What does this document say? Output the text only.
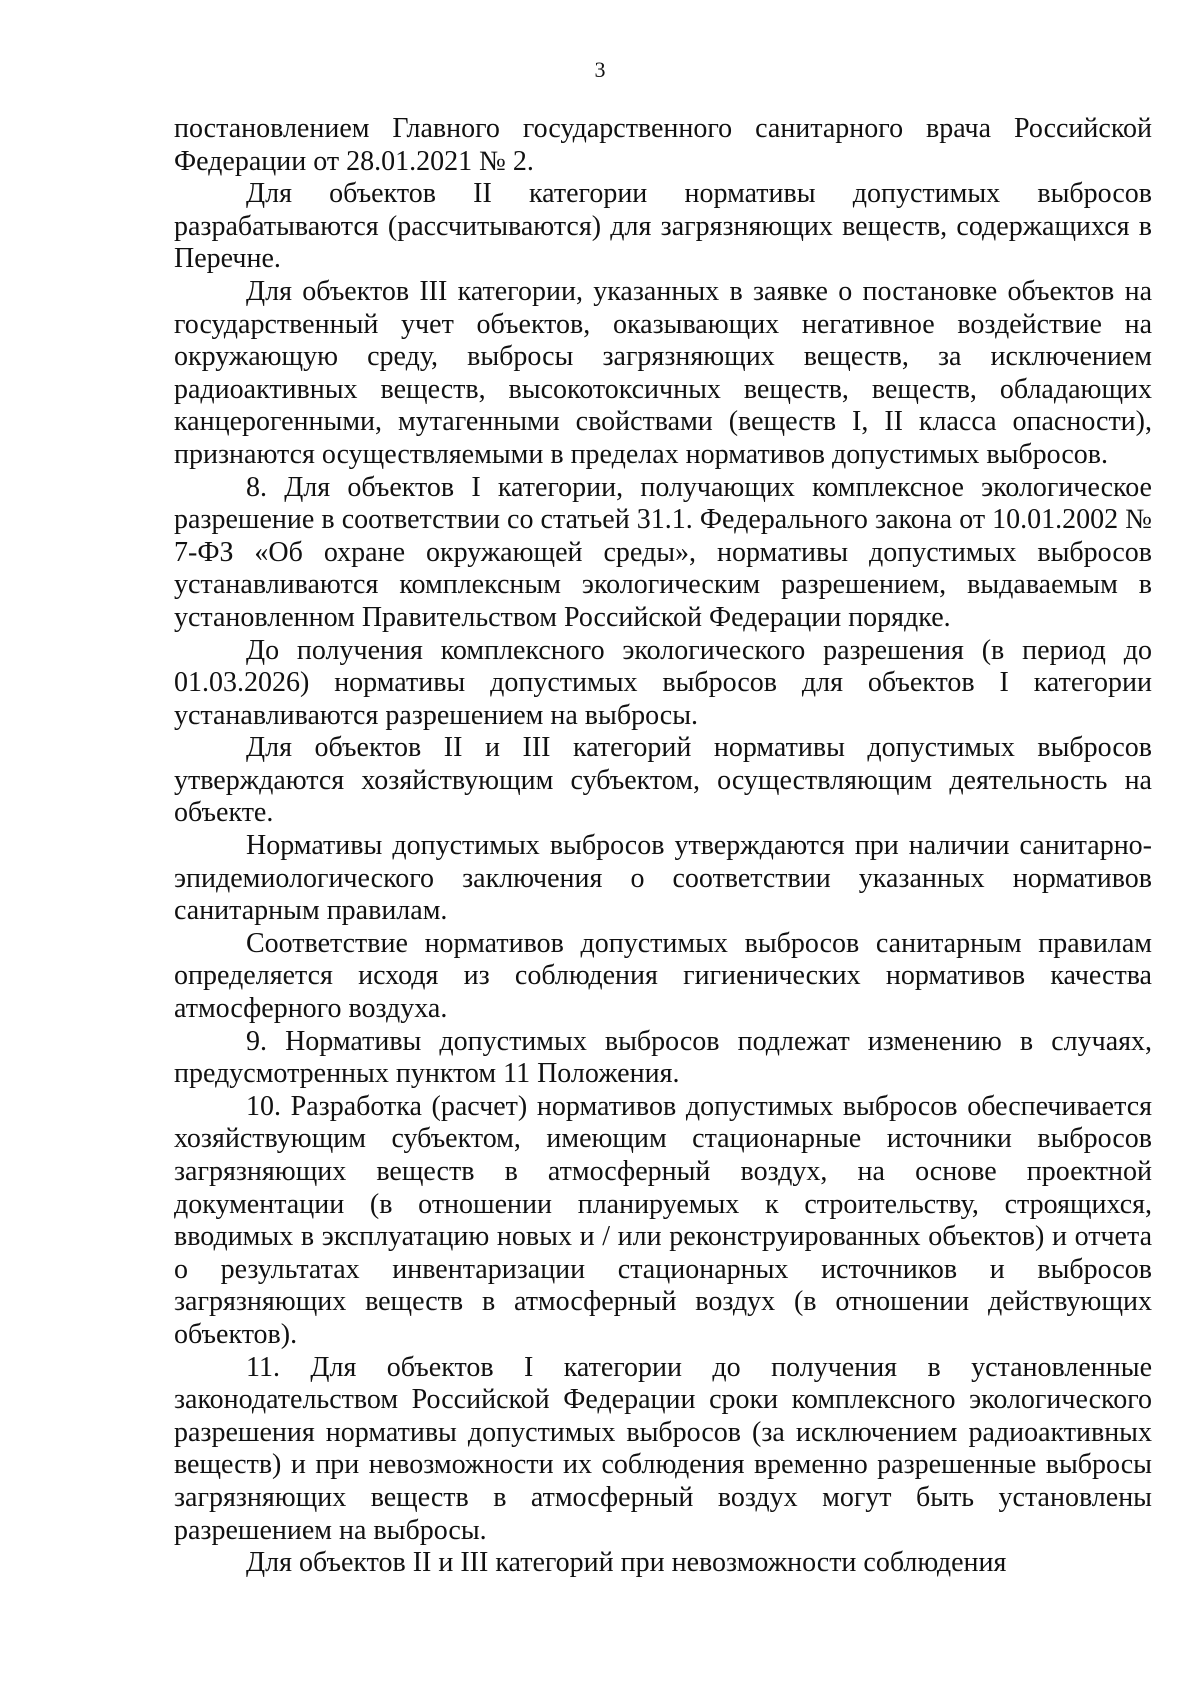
3

постановлением Главного государственного санитарного врача Российской Федерации от 28.01.2021 № 2.

Для объектов II категории нормативы допустимых выбросов разрабатываются (рассчитываются) для загрязняющих веществ, содержащихся в Перечне.

Для объектов III категории, указанных в заявке о постановке объектов на государственный учет объектов, оказывающих негативное воздействие на окружающую среду, выбросы загрязняющих веществ, за исключением радиоактивных веществ, высокотоксичных веществ, веществ, обладающих канцерогенными, мутагенными свойствами (веществ I, II класса опасности), признаются осуществляемыми в пределах нормативов допустимых выбросов.

8. Для объектов I категории, получающих комплексное экологическое разрешение в соответствии со статьей 31.1. Федерального закона от 10.01.2002 № 7-ФЗ «Об охране окружающей среды», нормативы допустимых выбросов устанавливаются комплексным экологическим разрешением, выдаваемым в установленном Правительством Российской Федерации порядке.

До получения комплексного экологического разрешения (в период до 01.03.2026) нормативы допустимых выбросов для объектов I категории устанавливаются разрешением на выбросы.

Для объектов II и III категорий нормативы допустимых выбросов утверждаются хозяйствующим субъектом, осуществляющим деятельность на объекте.

Нормативы допустимых выбросов утверждаются при наличии санитарно-эпидемиологического заключения о соответствии указанных нормативов санитарным правилам.

Соответствие нормативов допустимых выбросов санитарным правилам определяется исходя из соблюдения гигиенических нормативов качества атмосферного воздуха.

9. Нормативы допустимых выбросов подлежат изменению в случаях, предусмотренных пунктом 11 Положения.

10. Разработка (расчет) нормативов допустимых выбросов обеспечивается хозяйствующим субъектом, имеющим стационарные источники выбросов загрязняющих веществ в атмосферный воздух, на основе проектной документации (в отношении планируемых к строительству, строящихся, вводимых в эксплуатацию новых и / или реконструированных объектов) и отчета о результатах инвентаризации стационарных источников и выбросов загрязняющих веществ в атмосферный воздух (в отношении действующих объектов).

11. Для объектов I категории до получения в установленные законодательством Российской Федерации сроки комплексного экологического разрешения нормативы допустимых выбросов (за исключением радиоактивных веществ) и при невозможности их соблюдения временно разрешенные выбросы загрязняющих веществ в атмосферный воздух могут быть установлены разрешением на выбросы.

Для объектов II и III категорий при невозможности соблюдения
